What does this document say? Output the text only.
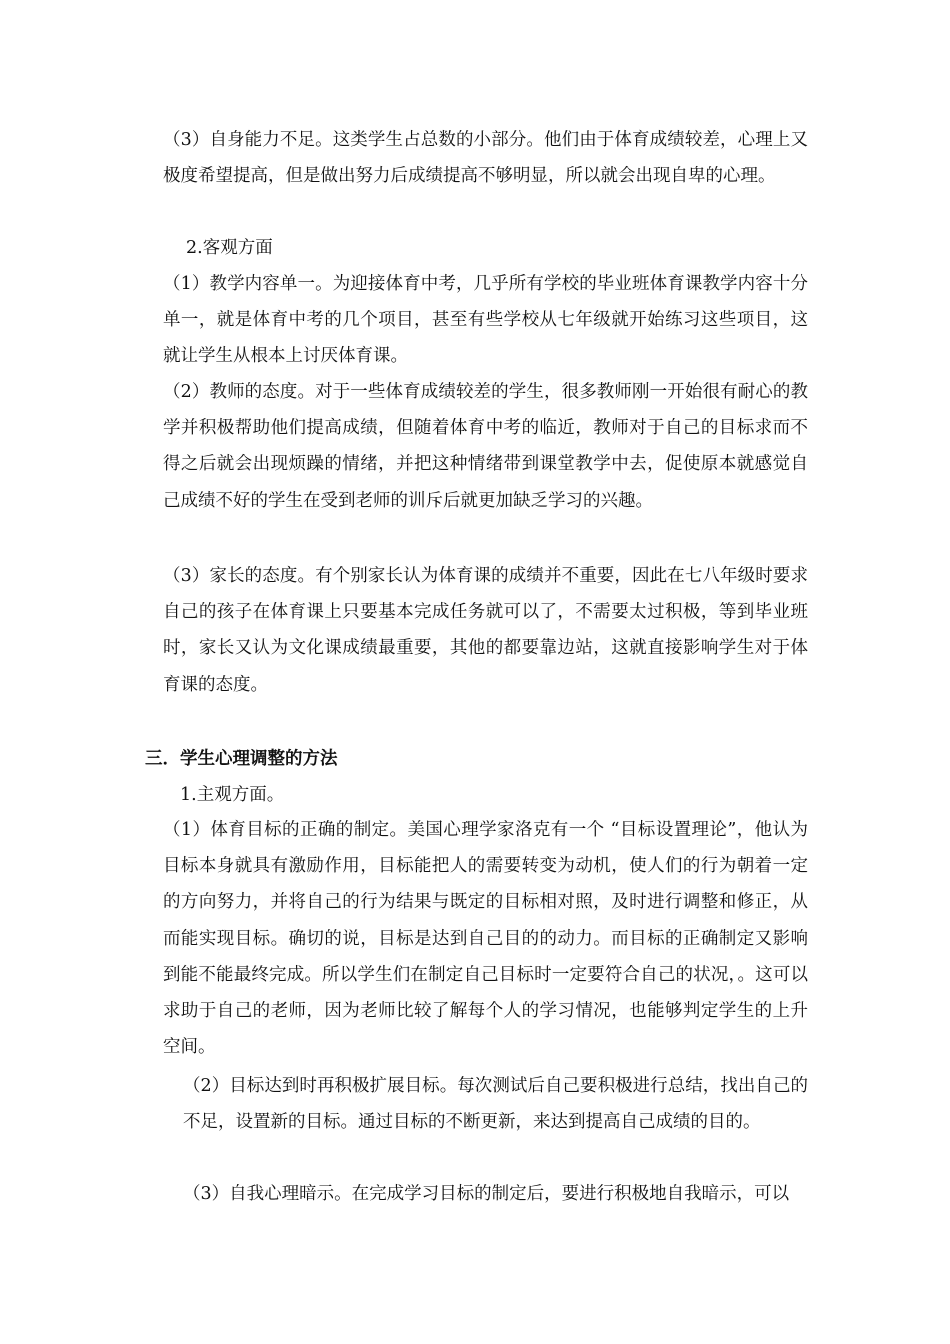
（3）自身能力不足。这类学生占总数的小部分。他们由于体育成绩较差，心理上又极度希望提高，但是做出努力后成绩提高不够明显，所以就会出现自卑的心理。

2.客观方面

（1）教学内容单一。为迎接体育中考，几乎所有学校的毕业班体育课教学内容十分单一，就是体育中考的几个项目，甚至有些学校从七年级就开始练习这些项目，这就让学生从根本上讨厌体育课。

（2）教师的态度。对于一些体育成绩较差的学生，很多教师刚一开始很有耐心的教学并积极帮助他们提高成绩，但随着体育中考的临近，教师对于自己的目标求而不得之后就会出现烦躁的情绪，并把这种情绪带到课堂教学中去，促使原本就感觉自己成绩不好的学生在受到老师的训斥后就更加缺乏学习的兴趣。

（3）家长的态度。有个别家长认为体育课的成绩并不重要，因此在七八年级时要求自己的孩子在体育课上只要基本完成任务就可以了，不需要太过积极，等到毕业班时，家长又认为文化课成绩最重要，其他的都要靠边站，这就直接影响学生对于体育课的态度。

三．学生心理调整的方法

1.主观方面。

（1）体育目标的正确的制定。美国心理学家洛克有一个 “目标设置理论”，他认为目标本身就具有激励作用，目标能把人的需要转变为动机，使人们的行为朝着一定的方向努力，并将自己的行为结果与既定的目标相对照，及时进行调整和修正，从而能实现目标。确切的说，目标是达到自己目的的动力。而目标的正确制定又影响到能不能最终完成。所以学生们在制定自己目标时一定要符合自己的状况，。这可以求助于自己的老师，因为老师比较了解每个人的学习情况，也能够判定学生的上升空间。

（2）目标达到时再积极扩展目标。每次测试后自己要积极进行总结，找出自己的不足，设置新的目标。通过目标的不断更新，来达到提高自己成绩的目的。

（3）自我心理暗示。在完成学习目标的制定后，要进行积极地自我暗示，可以
